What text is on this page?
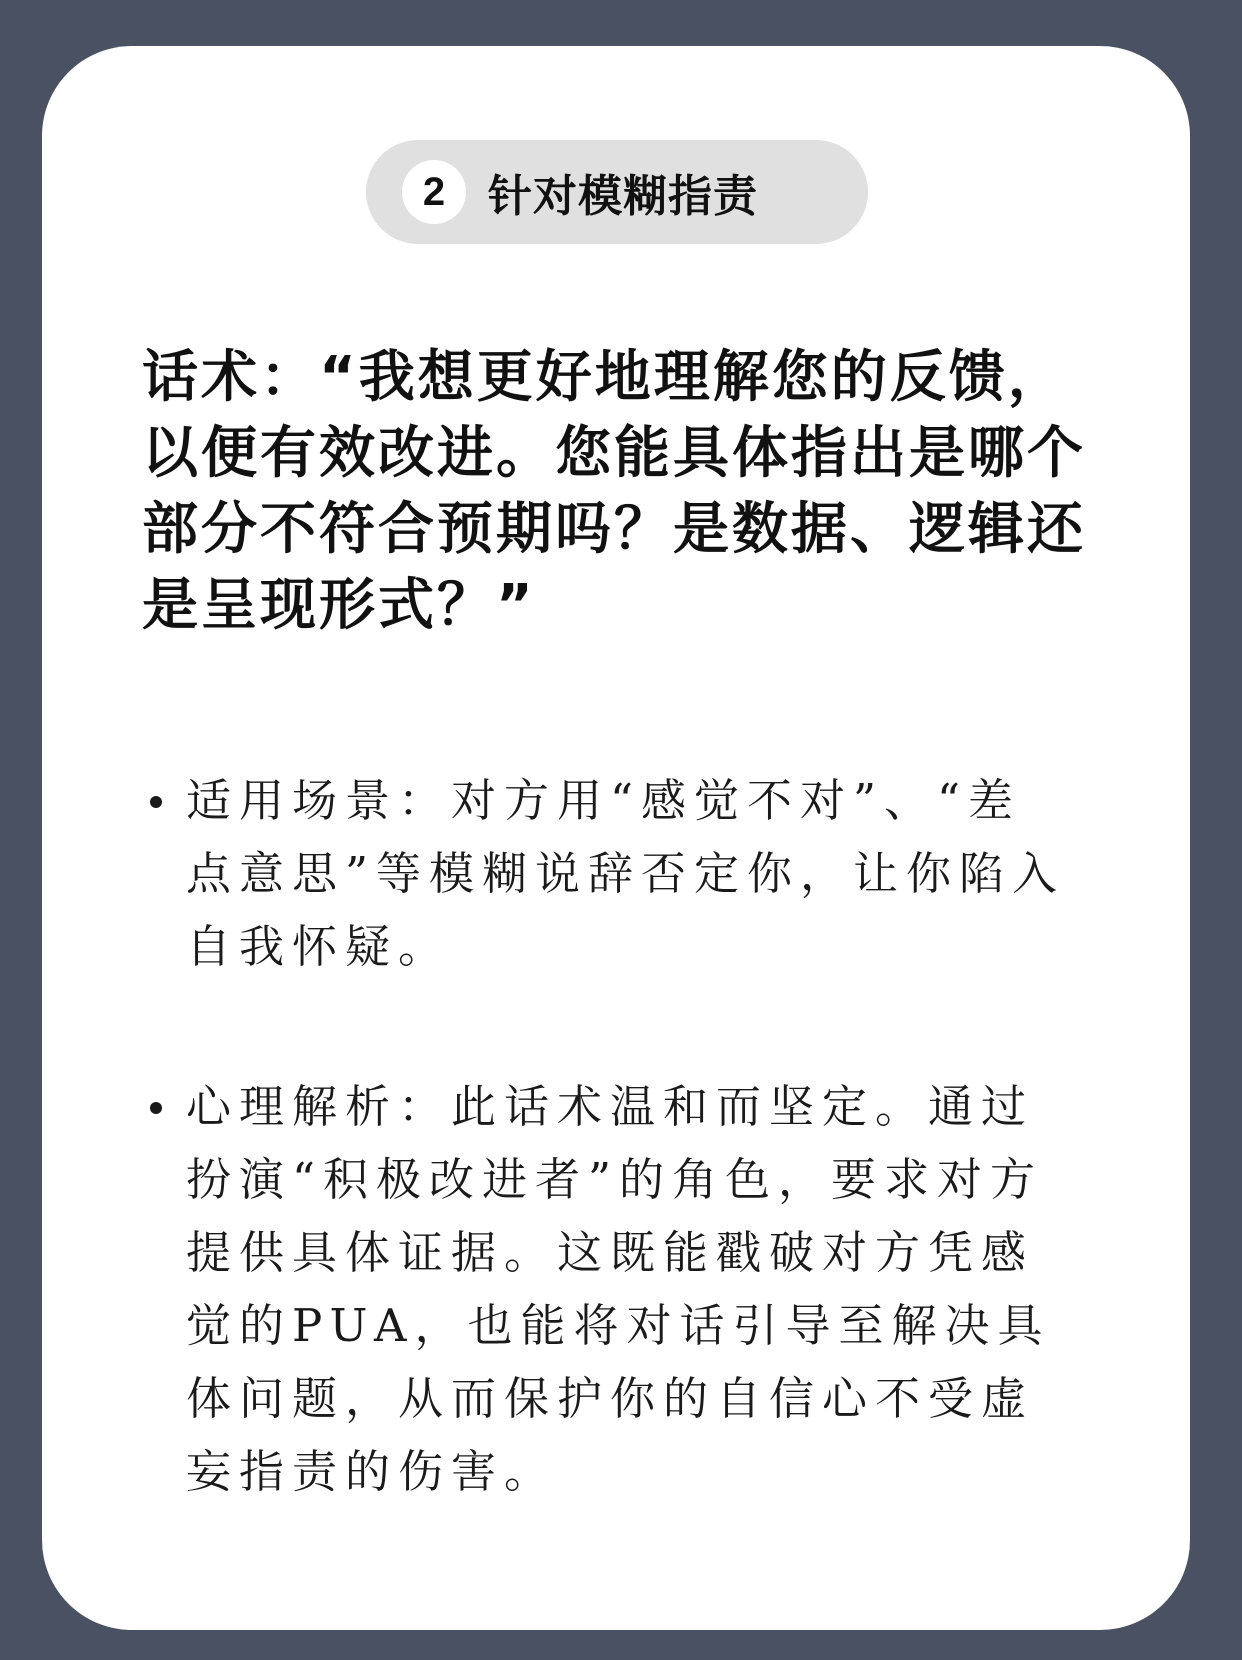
2 针对模糊指责

话术：“我想更好地理解您的反馈，以便有效改进。您能具体指出是哪个部分不符合预期吗？是数据、逻辑还是呈现形式？”

适用场景：对方用“感觉不对”、“差点意思”等模糊说辞否定你，让你陷入自我怀疑。
心理解析：此话术温和而坚定。通过扮演“积极改进者”的角色，要求对方提供具体证据。这既能戳破对方凭感觉的PUA，也能将对话引导至解决具体问题，从而保护你的自信心不受虚妄指责的伤害。
